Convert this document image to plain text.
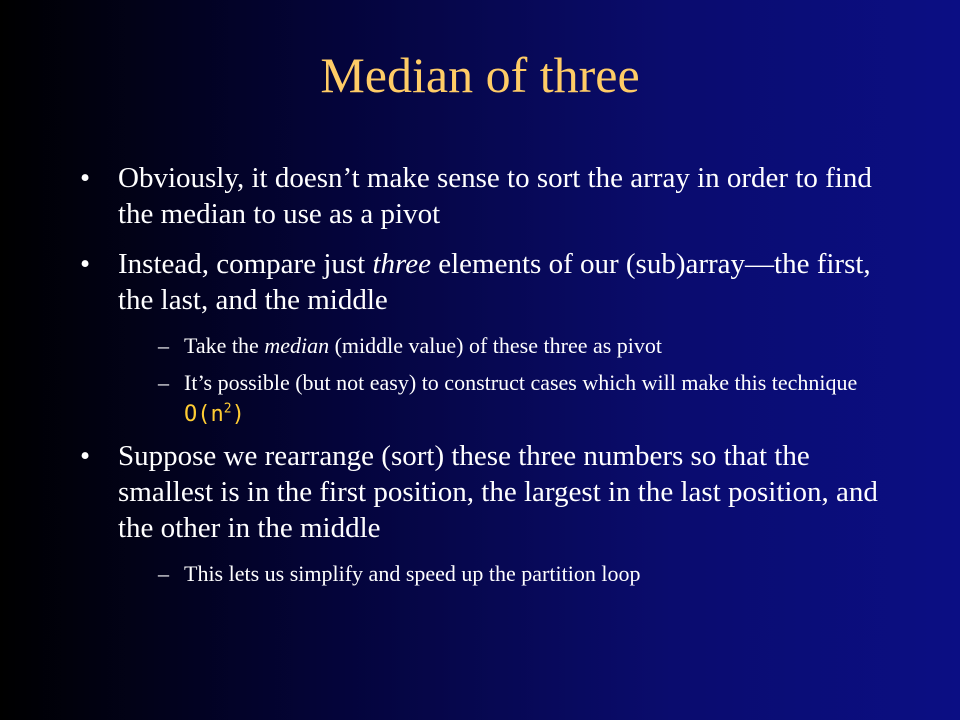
Median of three
• Obviously, it doesn’t make sense to sort the array in order to find the median to use as a pivot
• Instead, compare just three elements of our (sub)array—the first, the last, and the middle
– Take the median (middle value) of these three as pivot
– It’s possible (but not easy) to construct cases which will make this technique $O(n^2)$
• Suppose we rearrange (sort) these three numbers so that the smallest is in the first position, the largest in the last position, and the other in the middle
– This lets us simplify and speed up the partition loop
